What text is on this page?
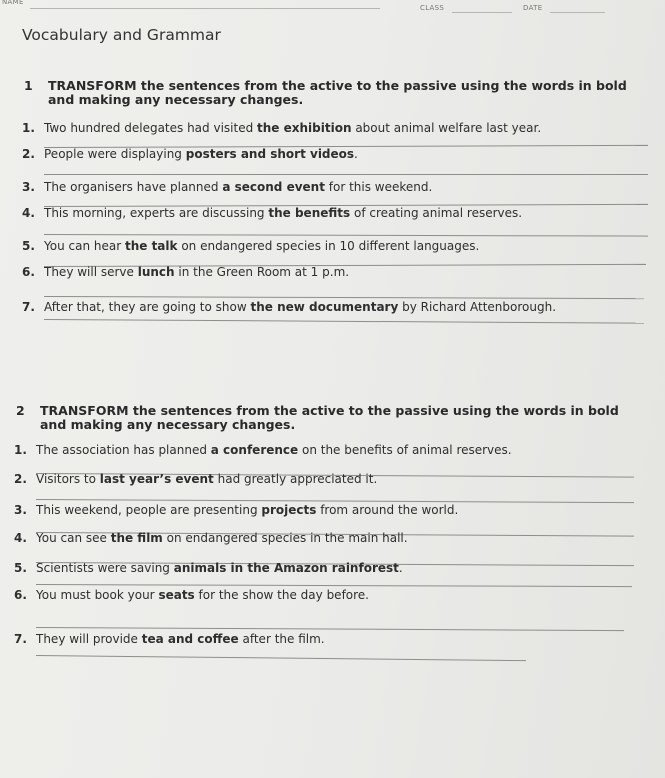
NAME
CLASS	DATE
Vocabulary and Grammar
1 TRANSFORM the sentences from the active to the passive using the words in bold and making any necessary changes.
1. Two hundred delegates had visited the exhibition about animal welfare last year.
2. People were displaying posters and short videos.
3. The organisers have planned a second event for this weekend.
4. This morning, experts are discussing the benefits of creating animal reserves.
5. You can hear the talk on endangered species in 10 different languages.
6. They will serve lunch in the Green Room at 1 p.m.
7. After that, they are going to show the new documentary by Richard Attenborough.
2 TRANSFORM the sentences from the active to the passive using the words in bold and making any necessary changes.
1. The association has planned a conference on the benefits of animal reserves.
2. Visitors to last year’s event had greatly appreciated it.
3. This weekend, people are presenting projects from around the world.
4. You can see the film on endangered species in the main hall.
5. Scientists were saving animals in the Amazon rainforest.
6. You must book your seats for the show the day before.
7. They will provide tea and coffee after the film.
